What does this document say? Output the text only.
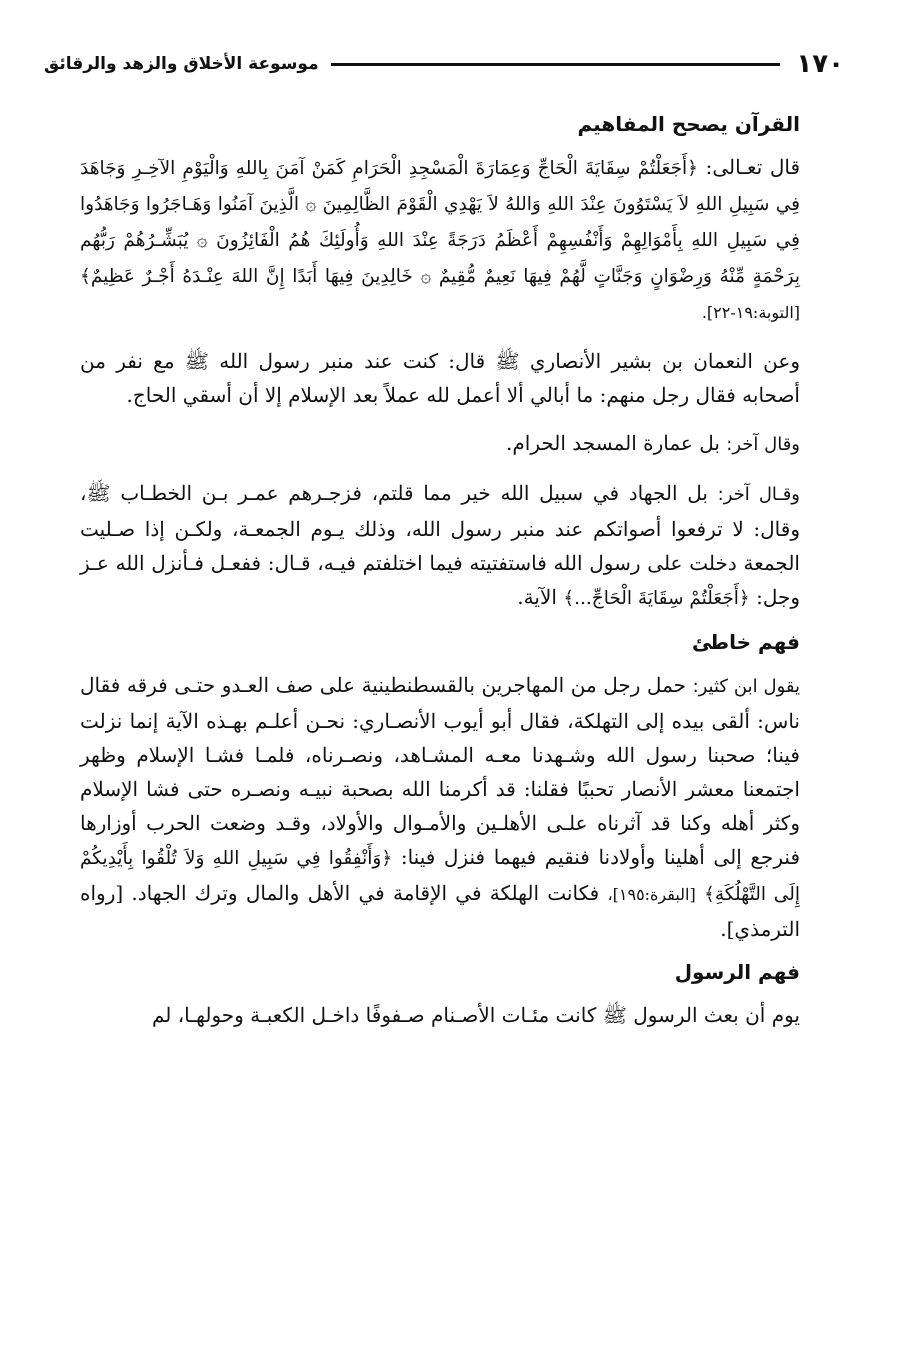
١٧٠
موسوعة الأخلاق والزهد والرقائق
القرآن يصحح المفاهيم

قال تعـالى: ﴿أَجَعَلْتُمْ سِقَايَةَ الْحَاجِّ وَعِمَارَةَ الْمَسْجِدِ الْحَرَامِ كَمَنْ آمَنَ بِاللهِ وَالْيَوْمِ الآخِـرِ وَجَاهَدَ فِي سَبِيلِ اللهِ لاَ يَسْتَوُونَ عِنْدَ اللهِ وَاللهُ لاَ يَهْدِي الْقَوْمَ الظَّالِمِينَ ۞ الَّذِينَ آمَنُوا وَهَـاجَرُوا وَجَاهَدُوا فِي سَبِيلِ اللهِ بِأَمْوَالِهِمْ وَأَنْفُسِهِمْ أَعْظَمُ دَرَجَةً عِنْدَ اللهِ وَأُولَئِكَ هُمُ الْفَائِزُونَ ۞ يُبَشِّـرُهُمْ رَبُّهُم بِرَحْمَةٍ مِّنْهُ وَرِضْوَانٍ وَجَنَّاتٍ لَّهُمْ فِيهَا نَعِيمٌ مُّقِيمٌ ۞ خَالِدِينَ فِيهَا أَبَدًا إِنَّ اللهَ عِنْـدَهُ أَجْـرٌ عَظِيمٌ﴾ [التوبة:١٩-٢٢].

وعن النعمان بن بشير الأنصاري ﷺ قال: كنت عند منبر رسول الله ﷺ مع نفر من أصحابه فقال رجل منهم: ما أبالي ألا أعمل لله عملاً بعد الإسلام إلا أن أسقي الحاج.

وقال آخر: بل عمارة المسجد الحرام.

وقـال آخر: بل الجهاد في سبيل الله خير مما قلتم، فزجـرهم عمـر بـن الخطـاب ﷺ، وقال: لا ترفعوا أصواتكم عند منبر رسول الله، وذلك يـوم الجمعـة، ولكـن إذا صـليت الجمعة دخلت على رسول الله فاستفتيته فيما اختلفتم فيـه، قـال: ففعـل فـأنزل الله عـز وجل: ﴿أَجَعَلْتُمْ سِقَايَةَ الْحَاجِّ...﴾ الآية.

فهم خاطئ

يقول ابن كثير: حمل رجل من المهاجرين بالقسطنطينية على صف العـدو حتـى فرقه فقال ناس: ألقى بيده إلى التهلكة، فقال أبو أيوب الأنصـاري: نحـن أعلـم بهـذه الآية إنما نزلت فينا؛ صحبنا رسول الله وشـهدنا معـه المشـاهد، ونصـرناه، فلمـا فشـا الإسلام وظهر اجتمعنا معشر الأنصار تحببًا فقلنا: قد أكرمنا الله بصحبة نبيـه ونصـره حتى فشا الإسلام وكثر أهله وكنا قد آثرناه علـى الأهلـين والأمـوال والأولاد، وقـد وضعت الحرب أوزارها فنرجع إلى أهلينا وأولادنا فنقيم فيهما فنزل فينا: ﴿وَأَنْفِقُوا فِي سَبِيلِ اللهِ وَلاَ تُلْقُوا بِأَيْدِيكُمْ إِلَى التَّهْلُكَةِ﴾ [البقرة:١٩٥]، فكانت الهلكة في الإقامة في الأهل والمال وترك الجهاد. [رواه الترمذي].

فهم الرسول

يوم أن بعث الرسول ﷺ كانت مئـات الأصـنام صـفوفًا داخـل الكعبـة وحولهـا، لم
